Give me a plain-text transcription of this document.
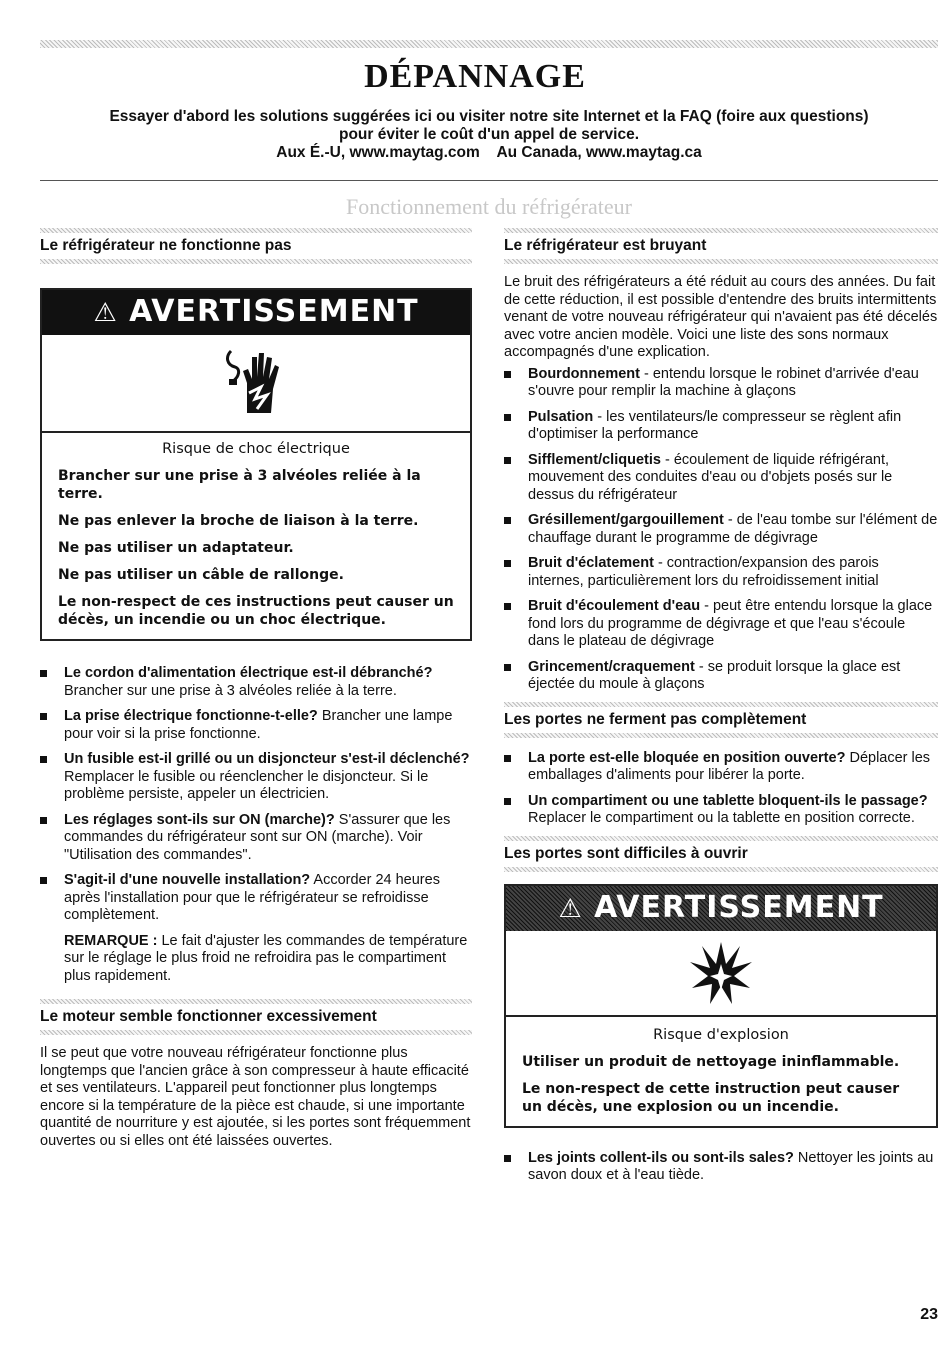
DÉPANNAGE
Essayer d'abord les solutions suggérées ici ou visiter notre site Internet et la FAQ (foire aux questions)
pour éviter le coût d'un appel de service.
Aux É.-U, www.maytag.com    Au Canada, www.maytag.ca
Fonctionnement du réfrigérateur
Le réfrigérateur ne fonctionne pas
⚠ AVERTISSEMENT
Risque de choc électrique

Brancher sur une prise à 3 alvéoles reliée à la terre.

Ne pas enlever la broche de liaison à la terre.

Ne pas utiliser un adaptateur.

Ne pas utiliser un câble de rallonge.

Le non-respect de ces instructions peut causer un décès, un incendie ou un choc électrique.

Le cordon d'alimentation électrique est-il débranché? Brancher sur une prise à 3 alvéoles reliée à la terre.
La prise électrique fonctionne-t-elle? Brancher une lampe pour voir si la prise fonctionne.
Un fusible est-il grillé ou un disjoncteur s'est-il déclenché? Remplacer le fusible ou réenclencher le disjoncteur. Si le problème persiste, appeler un électricien.
Les réglages sont-ils sur ON (marche)? S'assurer que les commandes du réfrigérateur sont sur ON (marche). Voir "Utilisation des commandes".
S'agit-il d'une nouvelle installation? Accorder 24 heures après l'installation pour que le réfrigérateur se refroidisse complètement.
REMARQUE : Le fait d'ajuster les commandes de température sur le réglage le plus froid ne refroidira pas le compartiment plus rapidement.
Le moteur semble fonctionner excessivement
Il se peut que votre nouveau réfrigérateur fonctionne plus longtemps que l'ancien grâce à son compresseur à haute efficacité et ses ventilateurs. L'appareil peut fonctionner plus longtemps encore si la température de la pièce est chaude, si une importante quantité de nourriture y est ajoutée, si les portes sont fréquemment ouvertes ou si elles ont été laissées ouvertes.
Le réfrigérateur est bruyant
Le bruit des réfrigérateurs a été réduit au cours des années. Du fait de cette réduction, il est possible d'entendre des bruits intermittents venant de votre nouveau réfrigérateur qui n'avaient pas été décelés avec votre ancien modèle. Voici une liste des sons normaux accompagnés d'une explication.
Bourdonnement - entendu lorsque le robinet d'arrivée d'eau s'ouvre pour remplir la machine à glaçons
Pulsation - les ventilateurs/le compresseur se règlent afin d'optimiser la performance
Sifflement/cliquetis - écoulement de liquide réfrigérant, mouvement des conduites d'eau ou d'objets posés sur le dessus du réfrigérateur
Grésillement/gargouillement - de l'eau tombe sur l'élément de chauffage durant le programme de dégivrage
Bruit d'éclatement - contraction/expansion des parois internes, particulièrement lors du refroidissement initial
Bruit d'écoulement d'eau - peut être entendu lorsque la glace fond lors du programme de dégivrage et que l'eau s'écoule dans le plateau de dégivrage
Grincement/craquement - se produit lorsque la glace est éjectée du moule à glaçons
Les portes ne ferment pas complètement
La porte est-elle bloquée en position ouverte? Déplacer les emballages d'aliments pour libérer la porte.
Un compartiment ou une tablette bloquent-ils le passage? Replacer le compartiment ou la tablette en position correcte.
Les portes sont difficiles à ouvrir
⚠ AVERTISSEMENT
Risque d'explosion

Utiliser un produit de nettoyage ininflammable.

Le non-respect de cette instruction peut causer un décès, une explosion ou un incendie.

Les joints collent-ils ou sont-ils sales? Nettoyer les joints au savon doux et à l'eau tiède.
23
